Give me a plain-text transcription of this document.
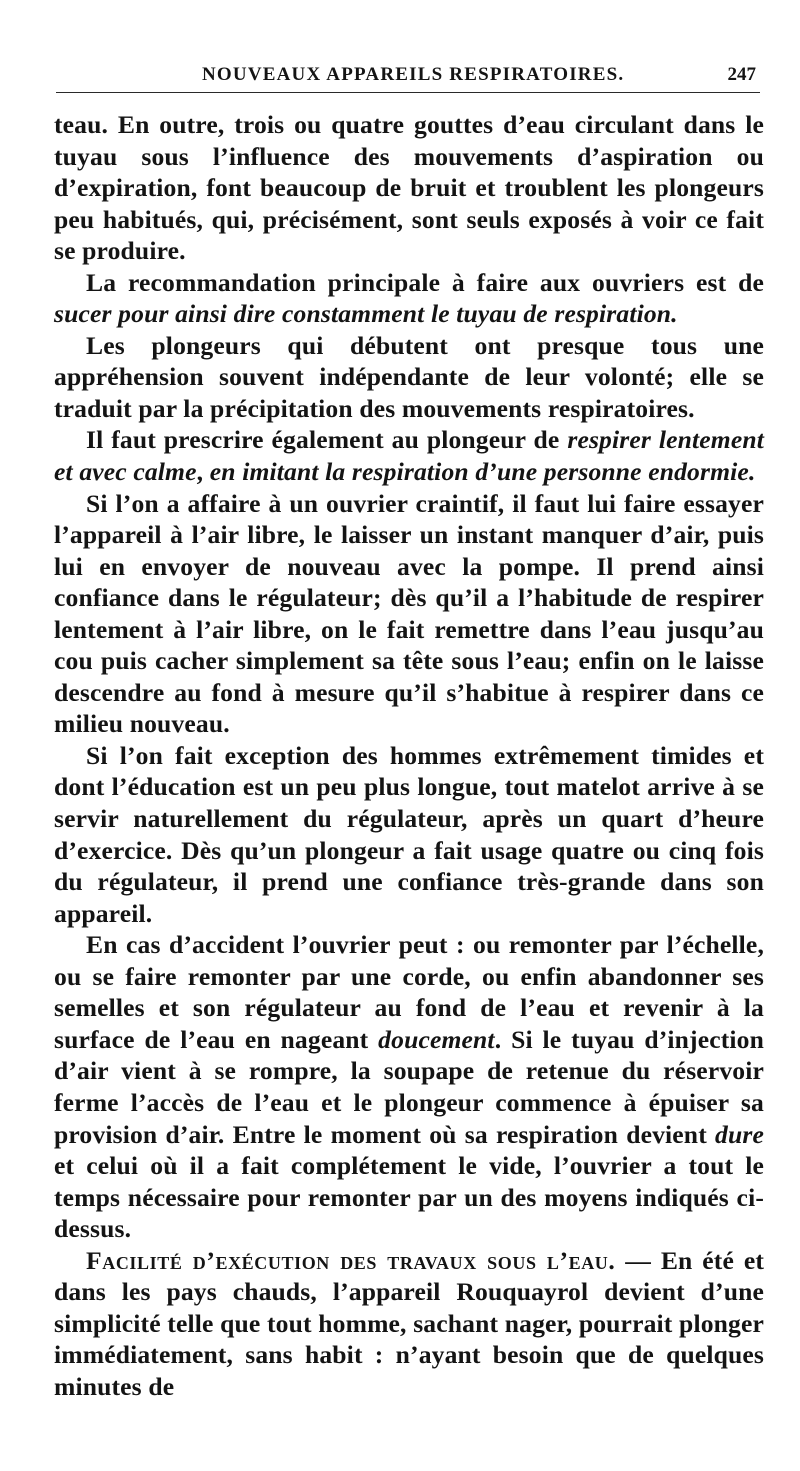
NOUVEAUX APPAREILS RESPIRATOIRES.	247

teau. En outre, trois ou quatre gouttes d’eau circulant dans le tuyau sous l’influence des mouvements d’aspiration ou d’expiration, font beaucoup de bruit et troublent les plongeurs peu habitués, qui, précisément, sont seuls exposés à voir ce fait se produire.

La recommandation principale à faire aux ouvriers est de sucer pour ainsi dire constamment le tuyau de respiration.

Les plongeurs qui débutent ont presque tous une appréhension souvent indépendante de leur volonté; elle se traduit par la précipitation des mouvements respiratoires.

Il faut prescrire également au plongeur de respirer lentement et avec calme, en imitant la respiration d’une personne endormie.

Si l’on a affaire à un ouvrier craintif, il faut lui faire essayer l’appareil à l’air libre, le laisser un instant manquer d’air, puis lui en envoyer de nouveau avec la pompe. Il prend ainsi confiance dans le régulateur; dès qu’il a l’habitude de respirer lentement à l’air libre, on le fait remettre dans l’eau jusqu’au cou puis cacher simplement sa tête sous l’eau; enfin on le laisse descendre au fond à mesure qu’il s’habitue à respirer dans ce milieu nouveau.

Si l’on fait exception des hommes extrêmement timides et dont l’éducation est un peu plus longue, tout matelot arrive à se servir naturellement du régulateur, après un quart d’heure d’exercice. Dès qu’un plongeur a fait usage quatre ou cinq fois du régulateur, il prend une confiance très-grande dans son appareil.

En cas d’accident l’ouvrier peut : ou remonter par l’échelle, ou se faire remonter par une corde, ou enfin abandonner ses semelles et son régulateur au fond de l’eau et revenir à la surface de l’eau en nageant doucement. Si le tuyau d’injection d’air vient à se rompre, la soupape de retenue du réservoir ferme l’accès de l’eau et le plongeur commence à épuiser sa provision d’air. Entre le moment où sa respiration devient dure et celui où il a fait complétement le vide, l’ouvrier a tout le temps nécessaire pour remonter par un des moyens indiqués ci-dessus.

Facilité d’exécution des travaux sous l’eau. — En été et dans les pays chauds, l’appareil Rouquayrol devient d’une simplicité telle que tout homme, sachant nager, pourrait plonger immédiatement, sans habit : n’ayant besoin que de quelques minutes de
